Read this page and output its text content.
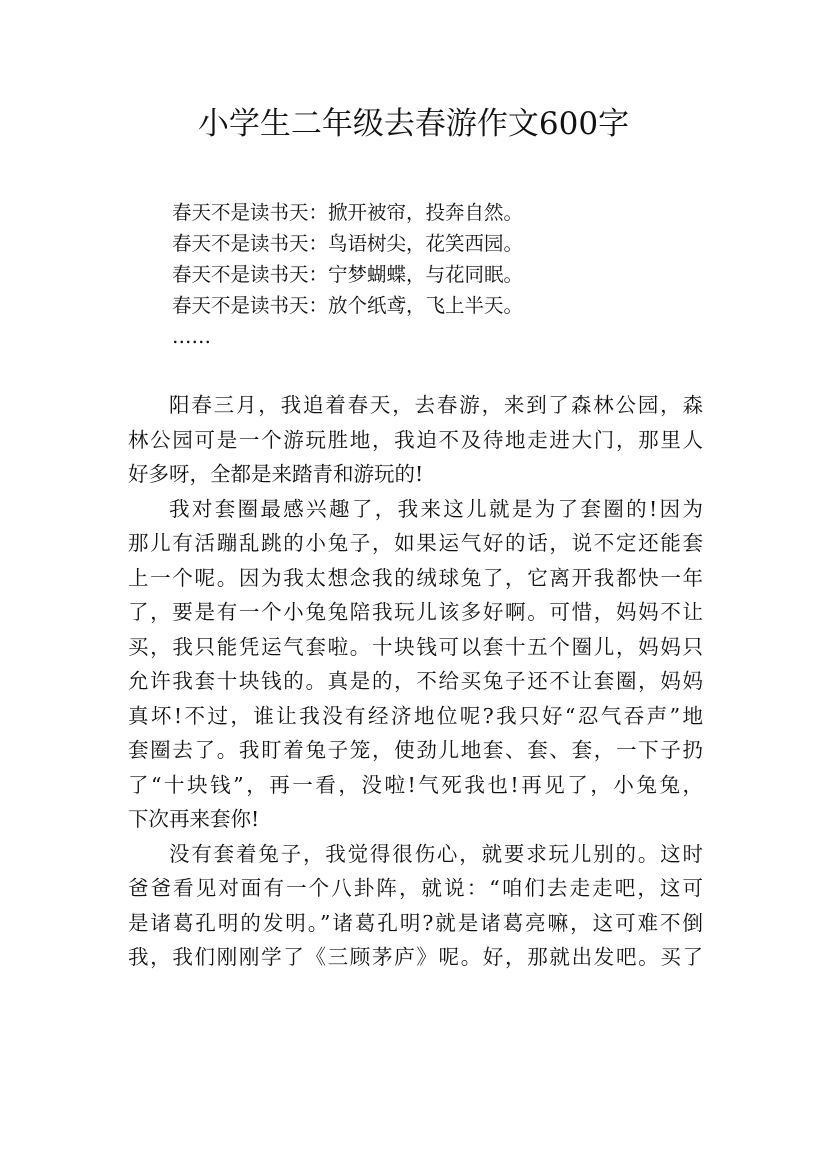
小学生二年级去春游作文600字
春天不是读书天：掀开被帘，投奔自然。
春天不是读书天：鸟语树尖，花笑西园。
春天不是读书天：宁梦蝴蝶，与花同眠。
春天不是读书天：放个纸鸢，飞上半天。
……

阳春三月，我追着春天，去春游，来到了森林公园，森
林公园可是一个游玩胜地，我迫不及待地走进大门，那里人
好多呀，全都是来踏青和游玩的!

我对套圈最感兴趣了，我来这儿就是为了套圈的!因为
那儿有活蹦乱跳的小兔子，如果运气好的话，说不定还能套
上一个呢。因为我太想念我的绒球兔了，它离开我都快一年
了，要是有一个小兔兔陪我玩儿该多好啊。可惜，妈妈不让
买，我只能凭运气套啦。十块钱可以套十五个圈儿，妈妈只
允许我套十块钱的。真是的，不给买兔子还不让套圈，妈妈
真坏!不过，谁让我没有经济地位呢?我只好“忍气吞声”地
套圈去了。我盯着兔子笼，使劲儿地套、套、套，一下子扔
了“十块钱”，再一看，没啦!气死我也!再见了，小兔兔，
下次再来套你!

没有套着兔子，我觉得很伤心，就要求玩儿别的。这时
爸爸看见对面有一个八卦阵，就说：“咱们去走走吧，这可
是诸葛孔明的发明。”诸葛孔明?就是诸葛亮嘛，这可难不倒
我，我们刚刚学了《三顾茅庐》呢。好，那就出发吧。买了
